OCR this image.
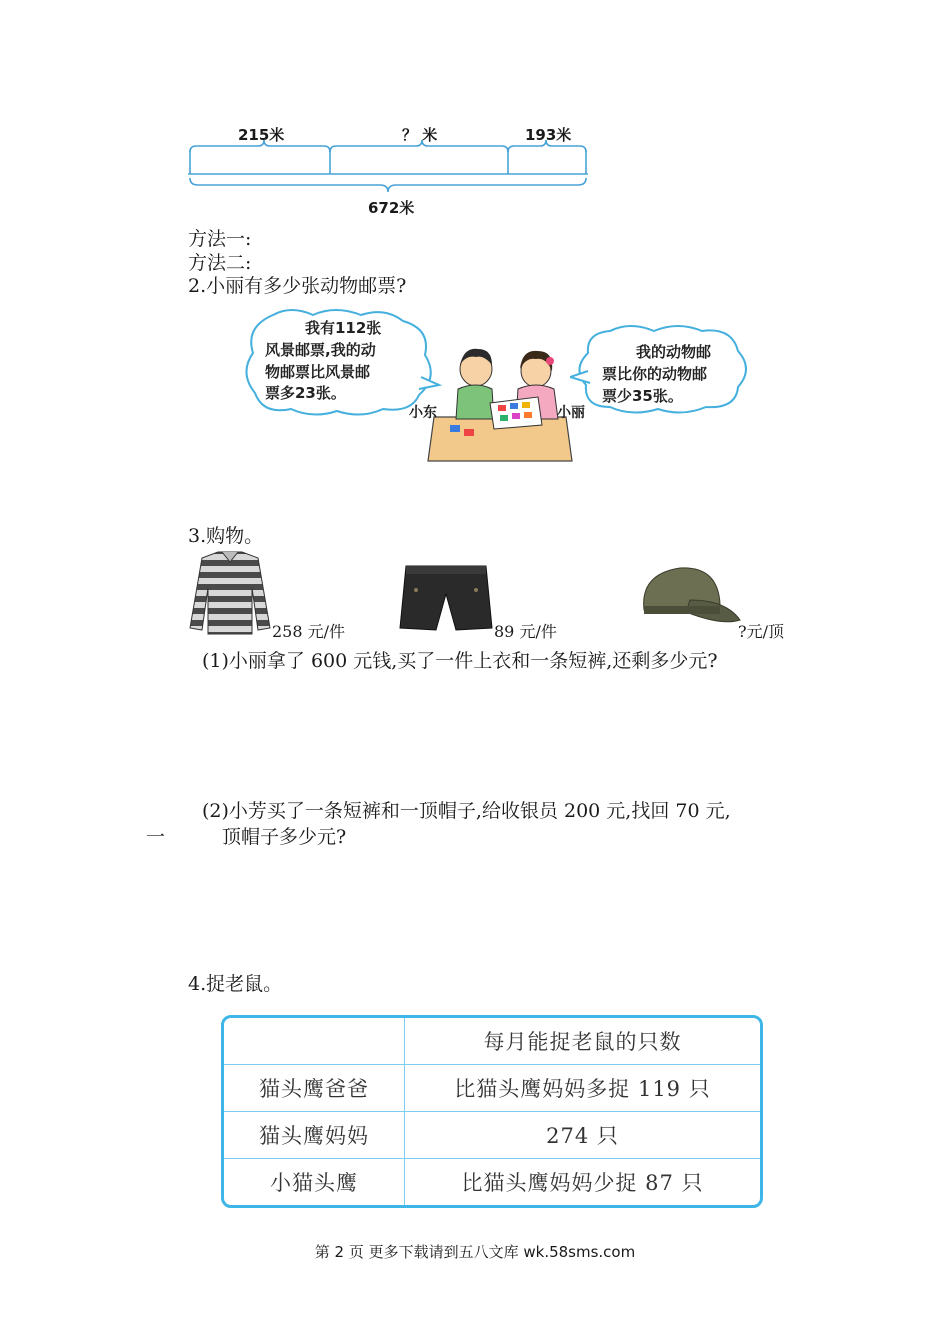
215米	？ 米	193米
672米
方法一:
方法二:
2.小丽有多少张动物邮票?
我有112张
风景邮票,我的动
物邮票比风景邮
票多23张。
我的动物邮
票比你的动物邮
票少35张。
小东	小丽
3.购物。
258 元/件	89 元/件	?元/顶
(1)小丽拿了 600 元钱,买了一件上衣和一条短裤,还剩多少元?
(2)小芳买了一条短裤和一顶帽子,给收银员 200 元,找回 70 元,
一	顶帽子多少元?
4.捉老鼠。
	每月能捉老鼠的只数
猫头鹰爸爸	比猫头鹰妈妈多捉 119 只
猫头鹰妈妈	274 只
小猫头鹰	比猫头鹰妈妈少捉 87 只
第 2 页 更多下载请到五八文库 wk.58sms.com
